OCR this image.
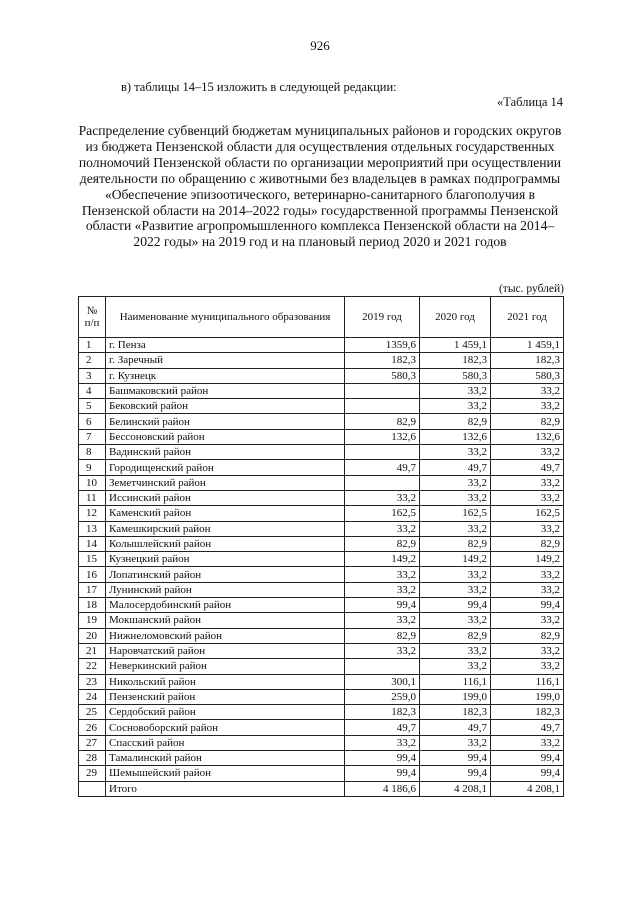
926
в) таблицы 14–15 изложить в следующей редакции:
«Таблица 14
Распределение субвенций бюджетам муниципальных районов и городских округов из бюджета Пензенской области для осуществления отдельных государственных полномочий Пензенской области по организации мероприятий при осуществлении деятельности по обращению с животными без владельцев в рамках подпрограммы «Обеспечение эпизоотического, ветеринарно-санитарного благополучия в Пензенской области на 2014–2022 годы» государственной программы Пензенской области «Развитие агропромышленного комплекса Пензенской области на 2014–2022 годы» на 2019 год и на плановый период 2020 и 2021 годов
(тыс. рублей)
№ п/п	Наименование муниципального образования	2019 год	2020 год	2021 год
1	г. Пенза	1359,6	1 459,1	1 459,1
2	г. Заречный	182,3	182,3	182,3
3	г. Кузнецк	580,3	580,3	580,3
4	Башмаковский район		33,2	33,2
5	Бековский район		33,2	33,2
6	Белинский район	82,9	82,9	82,9
7	Бессоновский район	132,6	132,6	132,6
8	Вадинский район		33,2	33,2
9	Городищенский район	49,7	49,7	49,7
10	Земетчинский район		33,2	33,2
11	Иссинский район	33,2	33,2	33,2
12	Каменский район	162,5	162,5	162,5
13	Камешкирский район	33,2	33,2	33,2
14	Колышлейский район	82,9	82,9	82,9
15	Кузнецкий район	149,2	149,2	149,2
16	Лопатинский район	33,2	33,2	33,2
17	Лунинский район	33,2	33,2	33,2
18	Малосердобинский район	99,4	99,4	99,4
19	Мокшанский район	33,2	33,2	33,2
20	Нижнеломовский район	82,9	82,9	82,9
21	Наровчатский район	33,2	33,2	33,2
22	Неверкинский район		33,2	33,2
23	Никольский район	300,1	116,1	116,1
24	Пензенский район	259,0	199,0	199,0
25	Сердобский район	182,3	182,3	182,3
26	Сосновоборский район	49,7	49,7	49,7
27	Спасский район	33,2	33,2	33,2
28	Тамалинский район	99,4	99,4	99,4
29	Шемышейский район	99,4	99,4	99,4
	Итого	4 186,6	4 208,1	4 208,1
